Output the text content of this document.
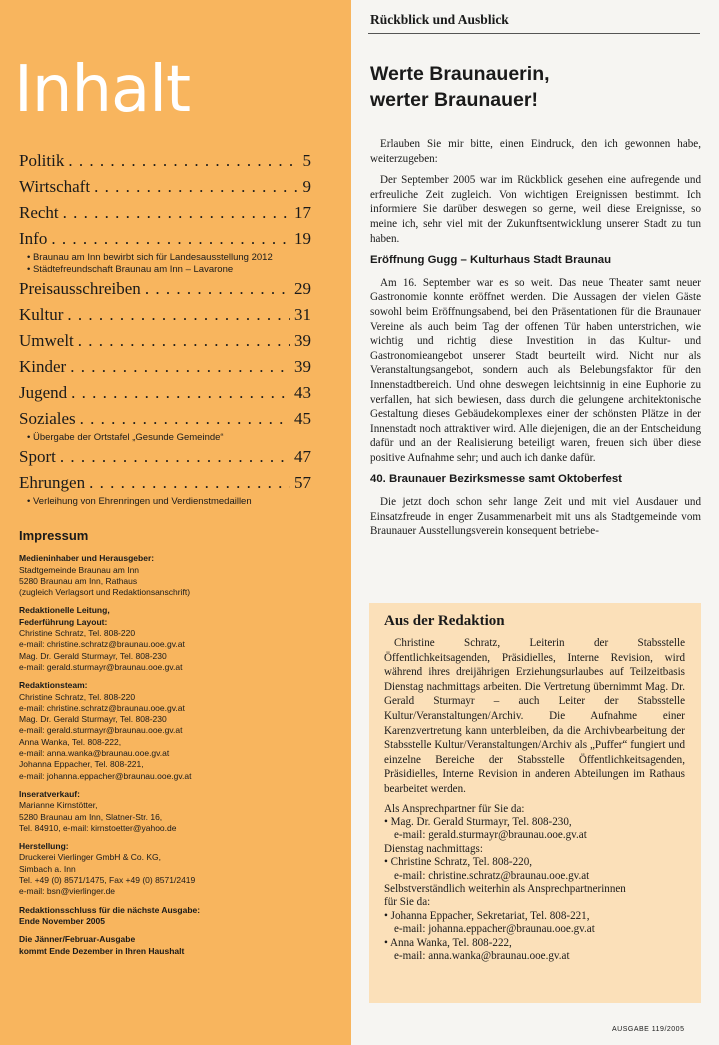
Inhalt
Politik . . .	5
Wirtschaft . . .	9
Recht . . .	17
Info . . .	19
• Braunau am Inn bewirbt sich für Landesausstellung 2012
• Städtefreundschaft Braunau am Inn – Lavarone
Preisausschreiben . . .	29
Kultur . . .	31
Umwelt . . .	39
Kinder . . .	39
Jugend . . .	43
Soziales . . .	45
• Übergabe der Ortstafel „Gesunde Gemeinde“
Sport . . .	47
Ehrungen . . .	57
• Verleihung von Ehrenringen und Verdienstmedaillen
Impressum
Medieninhaber und Herausgeber:
Stadtgemeinde Braunau am Inn
5280 Braunau am Inn, Rathaus
(zugleich Verlagsort und Redaktionsanschrift)
Redaktionelle Leitung,
Federführung Layout:
Christine Schratz, Tel. 808-220
e-mail: christine.schratz@braunau.ooe.gv.at
Mag. Dr. Gerald Sturmayr, Tel. 808-230
e-mail: gerald.sturmayr@braunau.ooe.gv.at
Redaktionsteam:
Christine Schratz, Tel. 808-220
e-mail: christine.schratz@braunau.ooe.gv.at
Mag. Dr. Gerald Sturmayr, Tel. 808-230
e-mail: gerald.sturmayr@braunau.ooe.gv.at
Anna Wanka, Tel. 808-222,
e-mail: anna.wanka@braunau.ooe.gv.at
Johanna Eppacher, Tel. 808-221,
e-mail: johanna.eppacher@braunau.ooe.gv.at
Inseratverkauf:
Marianne Kirnstötter,
5280 Braunau am Inn, Slatner-Str. 16,
Tel. 84910, e-mail: kirnstoetter@yahoo.de
Herstellung:
Druckerei Vierlinger GmbH & Co. KG,
Simbach a. Inn
Tel. +49 (0) 8571/1475, Fax +49 (0) 8571/2419
e-mail: bsn@vierlinger.de
Redaktionsschluss für die nächste Ausgabe:
Ende November 2005
Die Jänner/Februar-Ausgabe
kommt Ende Dezember in Ihren Haushalt
Rückblick und Ausblick
Werte Braunauerin,
werter Braunauer!

Erlauben Sie mir bitte, einen Eindruck, den ich gewonnen habe, weiterzugeben:

Der September 2005 war im Rückblick gesehen eine aufregende und erfreuliche Zeit zugleich. Von wichtigen Ereignissen bestimmt. Ich informiere Sie darüber deswegen so gerne, weil diese Ereignisse, so meine ich, sehr viel mit der Zukunftsentwicklung unserer Stadt zu tun haben.

Eröffnung Gugg – Kulturhaus Stadt Braunau

Am 16. September war es so weit. Das neue Theater samt neuer Gastronomie konnte eröffnet werden. Die Aussagen der vielen Gäste sowohl beim Eröffnungsabend, bei den Präsentationen für die Braunauer Vereine als auch beim Tag der offenen Tür haben unterstrichen, wie wichtig und richtig diese Investition in das Kultur- und Gastronomieangebot unserer Stadt beurteilt wird. Nicht nur als Veranstaltungsangebot, sondern auch als Belebungsfaktor für den Innenstadtbereich. Und ohne deswegen leichtsinnig in eine Euphorie zu verfallen, hat sich bewiesen, dass durch die gelungene architektonische Gestaltung dieses Gebäudekomplexes einer der schönsten Plätze in der Innenstadt noch attraktiver wird. Alle diejenigen, die an der Entscheidung dafür und an der Realisierung beteiligt waren, freuen sich über diese positive Aufnahme sehr; und auch ich danke dafür.

40. Braunauer Bezirksmesse samt Oktoberfest

Die jetzt doch schon sehr lange Zeit und mit viel Ausdauer und Einsatzfreude in enger Zusammenarbeit mit uns als Stadtgemeinde vom Braunauer Ausstellungsverein konsequent betriebe-

Aus der Redaktion

Christine Schratz, Leiterin der Stabsstelle Öffentlichkeitsagenden, Präsidielles, Interne Revision, wird während ihres dreijährigen Erziehungsurlaubes auf Teilzeitbasis Dienstag nachmittags arbeiten. Die Vertretung übernimmt Mag. Dr. Gerald Sturmayr – auch Leiter der Stabsstelle Kultur/Veranstaltungen/Archiv. Die Aufnahme einer Karenzvertretung kann unterbleiben, da die Archivbearbeitung der Stabsstelle Kultur/Veranstaltungen/Archiv als „Puffer“ fungiert und einzelne Bereiche der Stabsstelle Öffentlichkeitsagenden, Präsidielles, Interne Revision in anderen Abteilungen im Rathaus bearbeitet werden.

Als Ansprechpartner für Sie da:
• Mag. Dr. Gerald Sturmayr, Tel. 808-230,
e-mail: gerald.sturmayr@braunau.ooe.gv.at
Dienstag nachmittags:
• Christine Schratz, Tel. 808-220,
e-mail: christine.schratz@braunau.ooe.gv.at
Selbstverständlich weiterhin als Ansprechpartnerinnen
für Sie da:
• Johanna Eppacher, Sekretariat, Tel. 808-221,
e-mail: johanna.eppacher@braunau.ooe.gv.at
• Anna Wanka, Tel. 808-222,
e-mail: anna.wanka@braunau.ooe.gv.at
AUSGABE 119/2005
